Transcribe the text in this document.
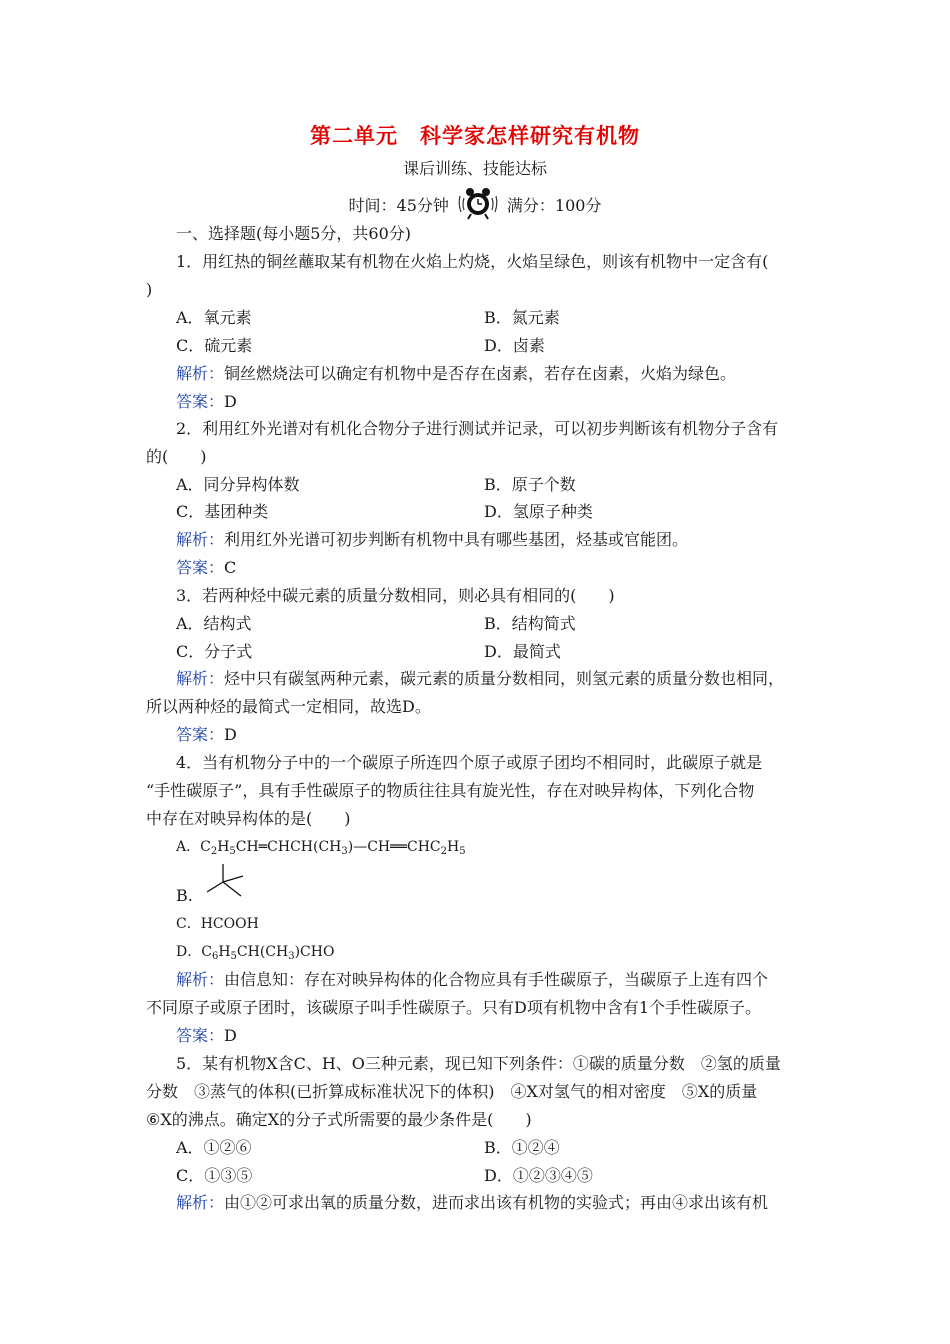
第二单元 科学家怎样研究有机物
课后训练、技能达标
时间：45分钟	满分：100分
一、选择题(每小题5分，共60分)
1．用红热的铜丝蘸取某有机物在火焰上灼烧，火焰呈绿色，则该有机物中一定含有(
)
A．氧元素	B．氮元素
C．硫元素	D．卤素
解析：铜丝燃烧法可以确定有机物中是否存在卤素，若存在卤素，火焰为绿色。
答案：D
2．利用红外光谱对有机化合物分子进行测试并记录，可以初步判断该有机物分子含有
的(　　)
A．同分异构体数	B．原子个数
C．基团种类	D．氢原子种类
解析：利用红外光谱可初步判断有机物中具有哪些基团，烃基或官能团。
答案：C
3．若两种烃中碳元素的质量分数相同，则必具有相同的(　　)
A．结构式	B．结构简式
C．分子式	D．最简式
解析：烃中只有碳氢两种元素，碳元素的质量分数相同，则氢元素的质量分数也相同，
所以两种烃的最简式一定相同，故选D。
答案：D
4．当有机物分子中的一个碳原子所连四个原子或原子团均不相同时，此碳原子就是
“手性碳原子”，具有手性碳原子的物质往往具有旋光性，存在对映异构体，下列化合物
中存在对映异构体的是(　　)
A．$C_2H_5CH═CHCH(CH_3)—CH══CHC_2H_5$
B.
C．HCOOH
D．$C_6H_5CH(CH_3)CHO$
解析：由信息知：存在对映异构体的化合物应具有手性碳原子，当碳原子上连有四个
不同原子或原子团时，该碳原子叫手性碳原子。只有D项有机物中含有1个手性碳原子。
答案：D
5．某有机物X含C、H、O三种元素，现已知下列条件：①碳的质量分数　②氢的质量
分数　③蒸气的体积(已折算成标准状况下的体积)　④X对氢气的相对密度　⑤X的质量
⑥X的沸点。确定X的分子式所需要的最少条件是(　　)
A．①②⑥	B．①②④
C．①③⑤	D．①②③④⑤
解析：由①②可求出氧的质量分数，进而求出该有机物的实验式；再由④求出该有机
